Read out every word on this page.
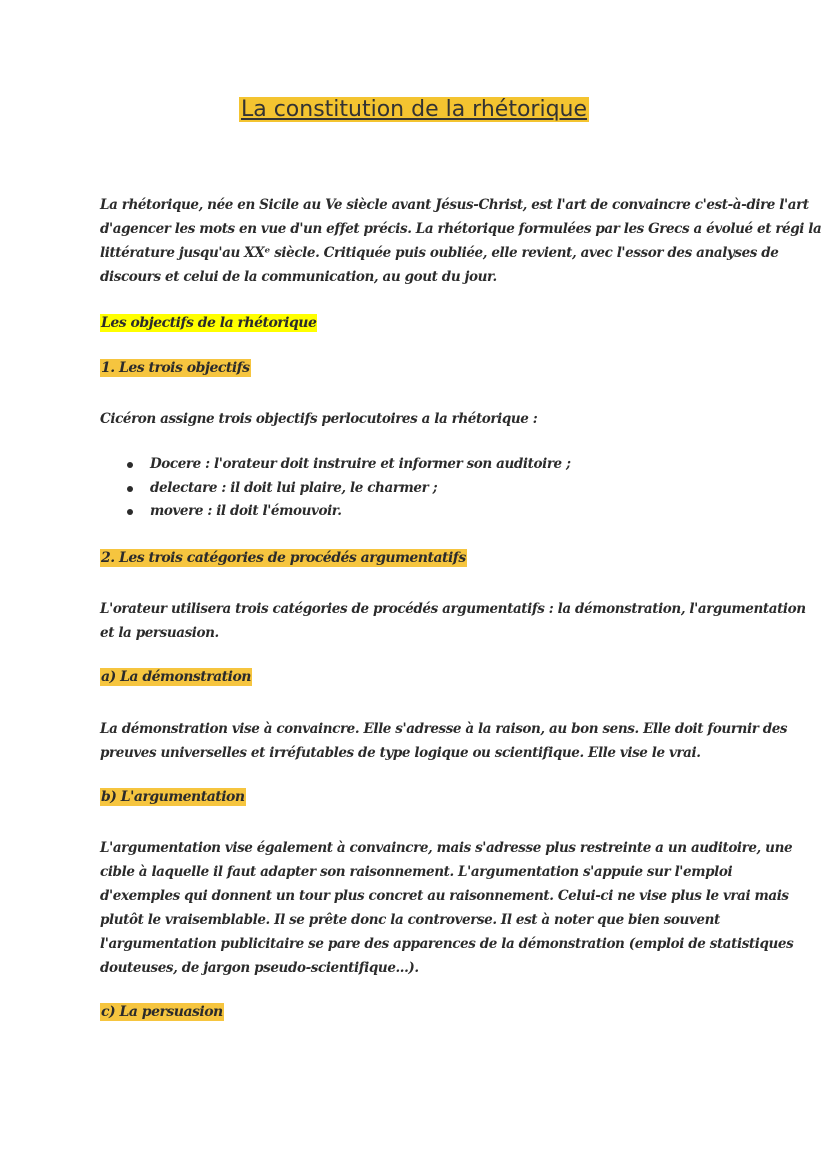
La constitution de la rhétorique
La rhétorique, née en Sicile au Ve siècle avant Jésus-Christ, est l'art de convaincre c'est-à-dire l'art
d'agencer les mots en vue d'un effet précis. La rhétorique formulées par les Grecs a évolué et régi la
littérature jusqu'au XXᵉ siècle. Critiquée puis oubliée, elle revient, avec l'essor des analyses de
discours et celui de la communication, au gout du jour.
Les objectifs de la rhétorique
1. Les trois objectifs
Cicéron assigne trois objectifs perlocutoires a la rhétorique :
Docere : l'orateur doit instruire et informer son auditoire ;
delectare : il doit lui plaire, le charmer ;
movere : il doit l'émouvoir.
2. Les trois catégories de procédés argumentatifs
L'orateur utilisera trois catégories de procédés argumentatifs : la démonstration, l'argumentation
et la persuasion.
a) La démonstration
La démonstration vise à convaincre. Elle s'adresse à la raison, au bon sens. Elle doit fournir des
preuves universelles et irréfutables de type logique ou scientifique. Elle vise le vrai.
b) L'argumentation
L'argumentation vise également à convaincre, mais s'adresse plus restreinte a un auditoire, une
cible à laquelle il faut adapter son raisonnement. L'argumentation s'appuie sur l'emploi
d'exemples qui donnent un tour plus concret au raisonnement. Celui-ci ne vise plus le vrai mais
plutôt le vraisemblable. Il se prête donc la controverse. Il est à noter que bien souvent
l'argumentation publicitaire se pare des apparences de la démonstration (emploi de statistiques
douteuses, de jargon pseudo-scientifique...).
c) La persuasion
